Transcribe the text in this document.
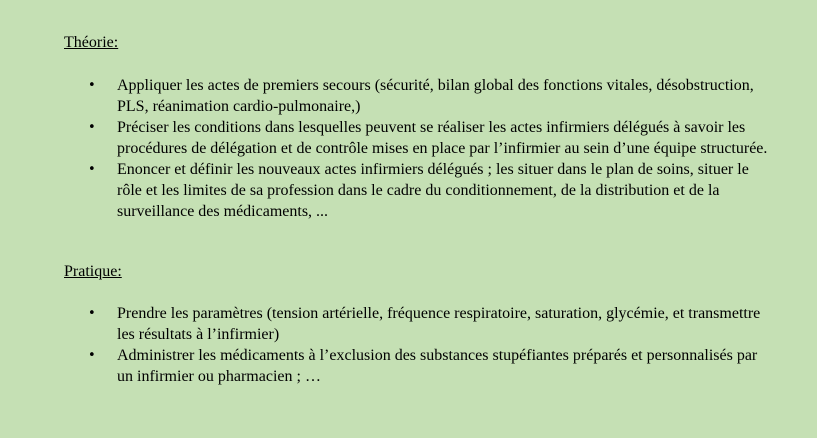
Théorie:

• Appliquer les actes de premiers secours (sécurité, bilan global des fonctions vitales, désobstruction, PLS, réanimation cardio-pulmonaire,)
• Préciser les conditions dans lesquelles peuvent se réaliser les actes infirmiers délégués à savoir les procédures de délégation et de contrôle mises en place par l’infirmier au sein d’une équipe structurée.
• Enoncer et définir les nouveaux actes infirmiers délégués ; les situer dans le plan de soins, situer le rôle et les limites de sa profession dans le cadre du conditionnement, de la distribution et de la surveillance des médicaments, ...

Pratique:

• Prendre les paramètres (tension artérielle, fréquence respiratoire, saturation, glycémie, et transmettre les résultats à l’infirmier)
• Administrer les médicaments à l’exclusion des substances stupéfiantes préparés et personnalisés par un infirmier ou pharmacien ; …
